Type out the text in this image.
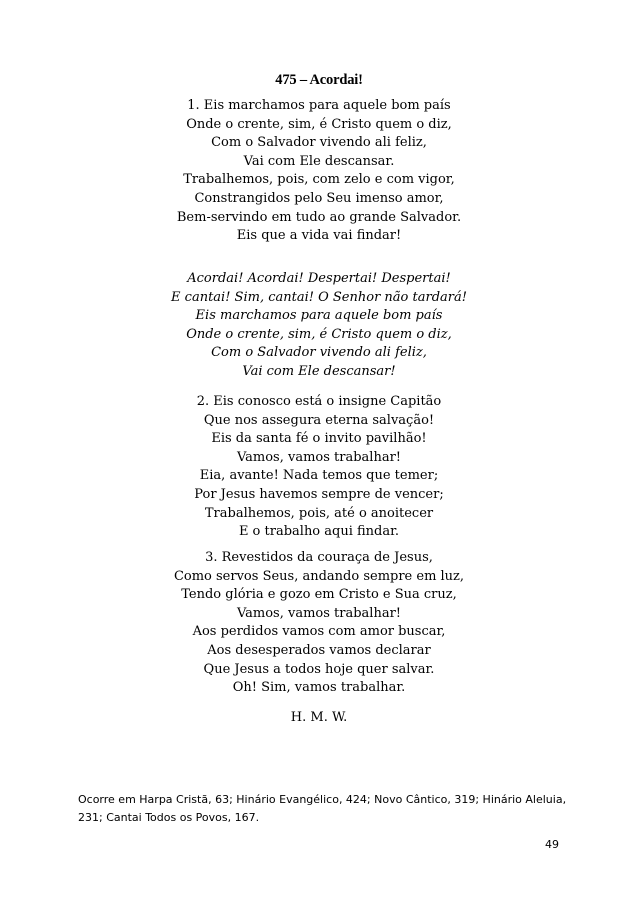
475 – Acordai!
1. Eis marchamos para aquele bom país
Onde o crente, sim, é Cristo quem o diz,
Com o Salvador vivendo ali feliz,
Vai com Ele descansar.
Trabalhemos, pois, com zelo e com vigor,
Constrangidos pelo Seu imenso amor,
Bem-servindo em tudo ao grande Salvador.
Eis que a vida vai findar!
Acordai! Acordai! Despertai! Despertai!
E cantai! Sim, cantai! O Senhor não tardará!
Eis marchamos para aquele bom país
Onde o crente, sim, é Cristo quem o diz,
Com o Salvador vivendo ali feliz,
Vai com Ele descansar!
2. Eis conosco está o insigne Capitão
Que nos assegura eterna salvação!
Eis da santa fé o invito pavilhão!
Vamos, vamos trabalhar!
Eia, avante! Nada temos que temer;
Por Jesus havemos sempre de vencer;
Trabalhemos, pois, até o anoitecer
E o trabalho aqui findar.
3. Revestidos da couraça de Jesus,
Como servos Seus, andando sempre em luz,
Tendo glória e gozo em Cristo e Sua cruz,
Vamos, vamos trabalhar!
Aos perdidos vamos com amor buscar,
Aos desesperados vamos declarar
Que Jesus a todos hoje quer salvar.
Oh! Sim, vamos trabalhar.

H. M. W.

Ocorre em Harpa Cristã, 63; Hinário Evangélico, 424; Novo Cântico, 319; Hinário Aleluia, 231; Cantai Todos os Povos, 167.

49
